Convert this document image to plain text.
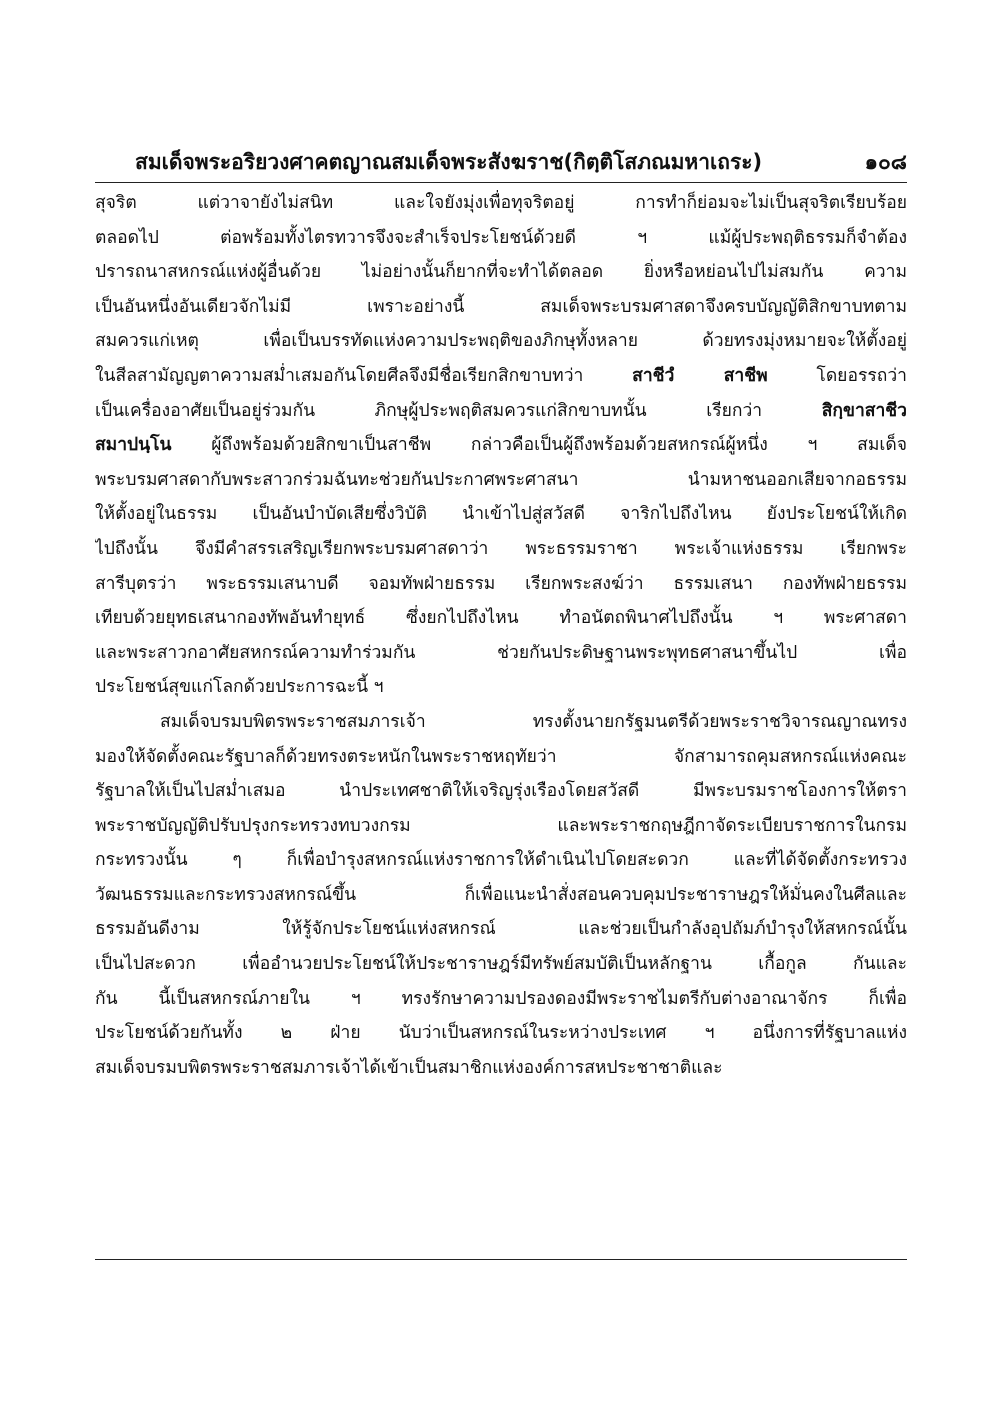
สมเด็จพระอริยวงศาคตญาณสมเด็จพระสังฆราช(กิตฺติโสภณมหาเถระ)	๑๐๘
สุจริต แต่วาจายังไม่สนิท และใจยังมุ่งเพื่อทุจริตอยู่ การทำก็ย่อมจะไม่เป็นสุจริตเรียบร้อย
ตลอดไป ต่อพร้อมทั้งไตรทวารจึงจะสำเร็จประโยชน์ด้วยดี ฯ แม้ผู้ประพฤติธรรมก็จำต้อง
ปรารถนาสหกรณ์แห่งผู้อื่นด้วย ไม่อย่างนั้นก็ยากที่จะทำได้ตลอด ยิ่งหรือหย่อนไปไม่สมกัน ความ
เป็นอันหนึ่งอันเดียวจักไม่มี เพราะอย่างนี้ สมเด็จพระบรมศาสดาจึงครบบัญญัติสิกขาบทตาม
สมควรแก่เหตุ เพื่อเป็นบรรทัดแห่งความประพฤติของภิกษุทั้งหลาย ด้วยทรงมุ่งหมายจะให้ตั้งอยู่
ในสีลสามัญญตาความสม่ำเสมอกันโดยศีลจึงมีชื่อเรียกสิกขาบทว่า	สาชีวํ สาชีพ โดยอรรถว่า
เป็นเครื่องอาศัยเป็นอยู่ร่วมกัน ภิกษุผู้ประพฤติสมควรแก่สิกขาบทนั้น เรียกว่า	สิกฺขาสาชีว
สมาปนฺโน ผู้ถึงพร้อมด้วยสิกขาเป็นสาชีพ กล่าวคือเป็นผู้ถึงพร้อมด้วยสหกรณ์ผู้หนึ่ง ฯ สมเด็จ
พระบรมศาสดากับพระสาวกร่วมฉันทะช่วยกันประกาศพระศาสนา นำมหาชนออกเสียจากอธรรม
ให้ตั้งอยู่ในธรรม เป็นอันบำบัดเสียซึ่งวิบัติ นำเข้าไปสู่สวัสดี จาริกไปถึงไหน ยังประโยชน์ให้เกิด
ไปถึงนั้น จึงมีคำสรรเสริญเรียกพระบรมศาสดาว่า พระธรรมราชา พระเจ้าแห่งธรรม เรียกพระ
สารีบุตรว่า พระธรรมเสนาบดี จอมทัพฝ่ายธรรม เรียกพระสงฆ์ว่า ธรรมเสนา กองทัพฝ่ายธรรม
เทียบด้วยยุทธเสนากองทัพอันทำยุทธ์ ซึ่งยกไปถึงไหน ทำอนัตถพินาศไปถึงนั้น ฯ พระศาสดา
และพระสาวกอาศัยสหกรณ์ความทำร่วมกัน ช่วยกันประดิษฐานพระพุทธศาสนาขึ้นไป เพื่อ
ประโยชน์สุขแก่โลกด้วยประการฉะนี้ ฯ
สมเด็จบรมบพิตรพระราชสมภารเจ้า ทรงตั้งนายกรัฐมนตรีด้วยพระราชวิจารณญาณทรง
มองให้จัดตั้งคณะรัฐบาลก็ด้วยทรงตระหนักในพระราชหฤทัยว่า จักสามารถคุมสหกรณ์แห่งคณะ
รัฐบาลให้เป็นไปสม่ำเสมอ นำประเทศชาติให้เจริญรุ่งเรืองโดยสวัสดี มีพระบรมราชโองการให้ตรา
พระราชบัญญัติปรับปรุงกระทรวงทบวงกรม และพระราชกฤษฎีกาจัดระเบียบราชการในกรม
กระทรวงนั้น ๆ ก็เพื่อบำรุงสหกรณ์แห่งราชการให้ดำเนินไปโดยสะดวก และที่ได้จัดตั้งกระทรวง
วัฒนธรรมและกระทรวงสหกรณ์ขึ้น ก็เพื่อแนะนำสั่งสอนควบคุมประชาราษฎรให้มั่นคงในศีลและ
ธรรมอันดีงาม ให้รู้จักประโยชน์แห่งสหกรณ์ และช่วยเป็นกำลังอุปถัมภ์บำรุงให้สหกรณ์นั้น
เป็นไปสะดวก เพื่ออำนวยประโยชน์ให้ประชาราษฎร์มีทรัพย์สมบัติเป็นหลักฐาน เกื้อกูล กันและ
กัน นี้เป็นสหกรณ์ภายใน ฯ ทรงรักษาความปรองดองมีพระราชไมตรีกับต่างอาณาจักร ก็เพื่อ
ประโยชน์ด้วยกันทั้ง ๒ ฝ่าย นับว่าเป็นสหกรณ์ในระหว่างประเทศ ฯ อนึ่งการที่รัฐบาลแห่ง
สมเด็จบรมบพิตรพระราชสมภารเจ้าได้เข้าเป็นสมาชิกแห่งองค์การสหประชาชาติและ
